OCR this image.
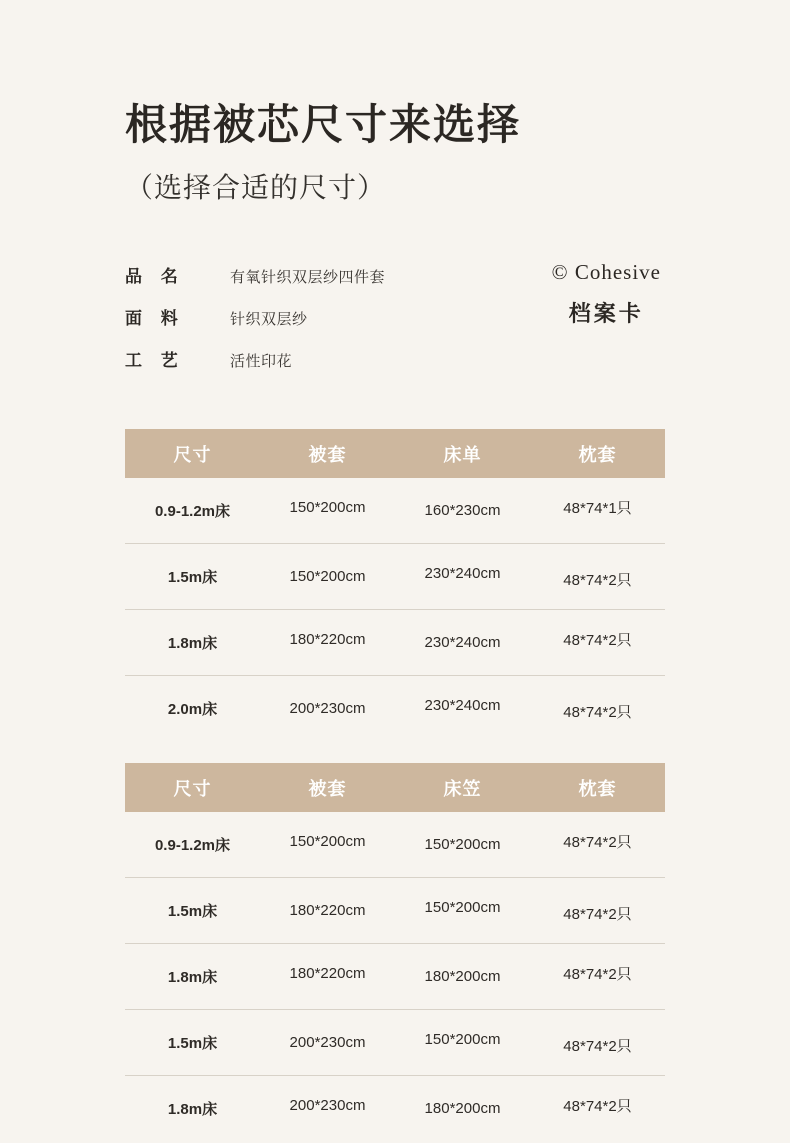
根据被芯尺寸来选择
（选择合适的尺寸）
品 名	有氧针织双层纱四件套
面 料	针织双层纱
工 艺	活性印花
© Cohesive
档案卡
尺寸	被套	床单	枕套
0.9-1.2m床	150*200cm	160*230cm	48*74*1只
1.5m床	150*200cm	230*240cm	48*74*2只
1.8m床	180*220cm	230*240cm	48*74*2只
2.0m床	200*230cm	230*240cm	48*74*2只
尺寸	被套	床笠	枕套
0.9-1.2m床	150*200cm	150*200cm	48*74*2只
1.5m床	180*220cm	150*200cm	48*74*2只
1.8m床	180*220cm	180*200cm	48*74*2只
1.5m床	200*230cm	150*200cm	48*74*2只
1.8m床	200*230cm	180*200cm	48*74*2只
